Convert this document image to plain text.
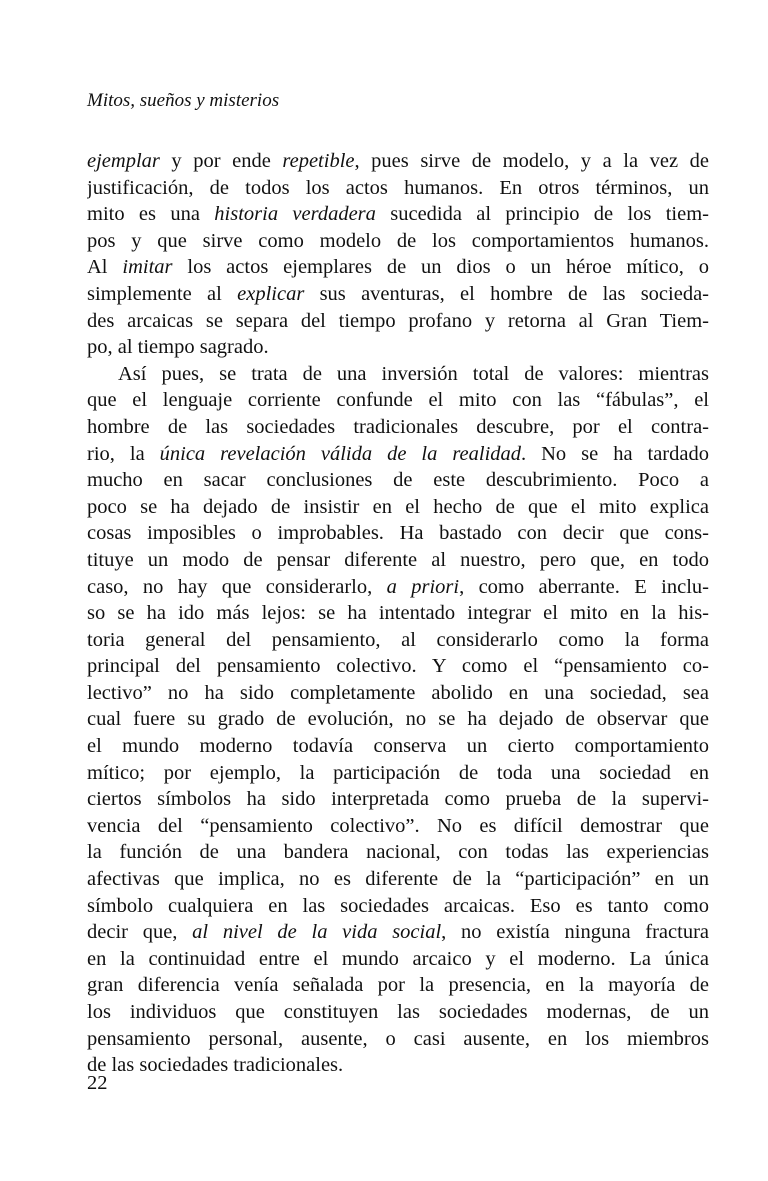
Mitos, sueños y misterios
ejemplar y por ende repetible, pues sirve de modelo, y a la vez de
justificación, de todos los actos humanos. En otros términos, un
mito es una historia verdadera sucedida al principio de los tiem-
pos y que sirve como modelo de los comportamientos humanos.
Al imitar los actos ejemplares de un dios o un héroe mítico, o
simplemente al explicar sus aventuras, el hombre de las socieda-
des arcaicas se separa del tiempo profano y retorna al Gran Tiem-
po, al tiempo sagrado.
Así pues, se trata de una inversión total de valores: mientras
que el lenguaje corriente confunde el mito con las “fábulas”, el
hombre de las sociedades tradicionales descubre, por el contra-
rio, la única revelación válida de la realidad. No se ha tardado
mucho en sacar conclusiones de este descubrimiento. Poco a
poco se ha dejado de insistir en el hecho de que el mito explica
cosas imposibles o improbables. Ha bastado con decir que cons-
tituye un modo de pensar diferente al nuestro, pero que, en todo
caso, no hay que considerarlo, a priori, como aberrante. E inclu-
so se ha ido más lejos: se ha intentado integrar el mito en la his-
toria general del pensamiento, al considerarlo como la forma
principal del pensamiento colectivo. Y como el “pensamiento co-
lectivo” no ha sido completamente abolido en una sociedad, sea
cual fuere su grado de evolución, no se ha dejado de observar que
el mundo moderno todavía conserva un cierto comportamiento
mítico; por ejemplo, la participación de toda una sociedad en
ciertos símbolos ha sido interpretada como prueba de la supervi-
vencia del “pensamiento colectivo”. No es difícil demostrar que
la función de una bandera nacional, con todas las experiencias
afectivas que implica, no es diferente de la “participación” en un
símbolo cualquiera en las sociedades arcaicas. Eso es tanto como
decir que, al nivel de la vida social, no existía ninguna fractura
en la continuidad entre el mundo arcaico y el moderno. La única
gran diferencia venía señalada por la presencia, en la mayoría de
los individuos que constituyen las sociedades modernas, de un
pensamiento personal, ausente, o casi ausente, en los miembros
de las sociedades tradicionales.
22
